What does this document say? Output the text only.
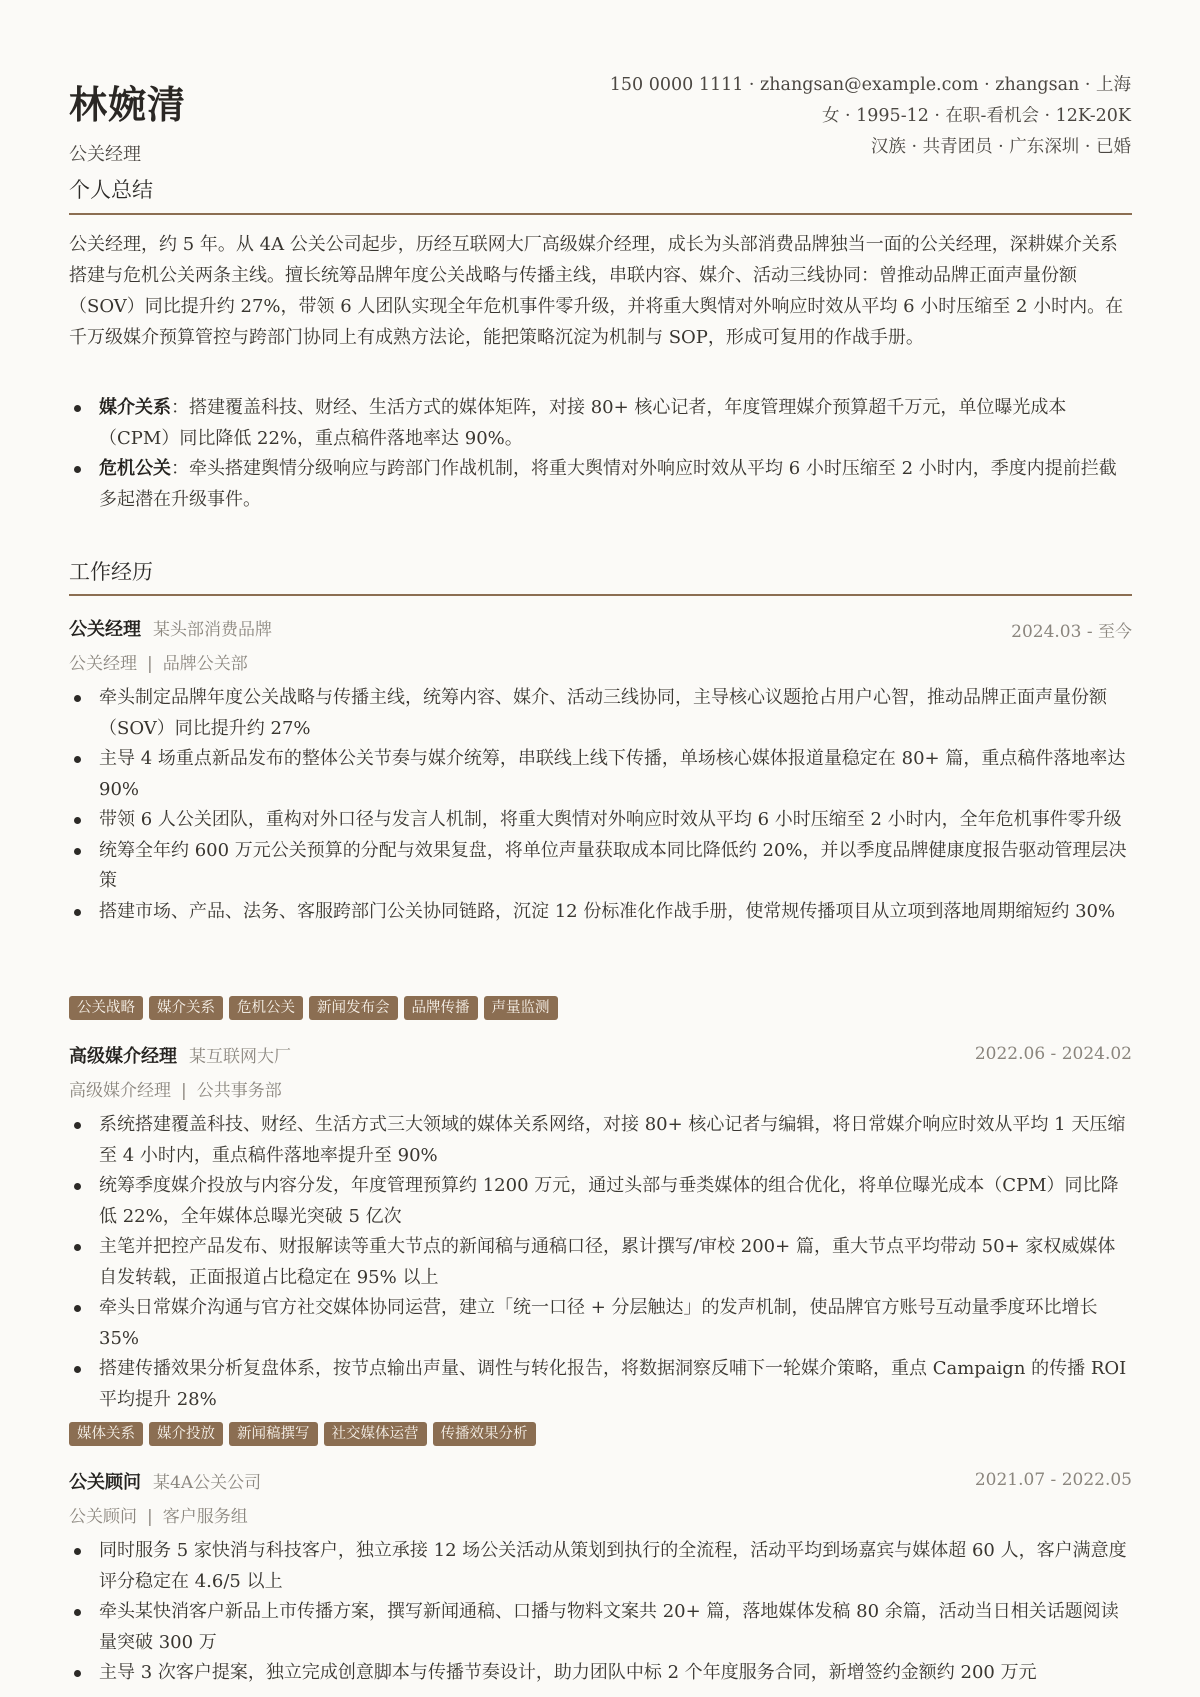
林婉清
公关经理
150 0000 1111 · zhangsan@example.com · zhangsan · 上海
女 · 1995-12 · 在职-看机会 · 12K-20K
汉族 · 共青团员 · 广东深圳 · 已婚
个人总结

公关经理，约 5 年。从 4A 公关公司起步，历经互联网大厂高级媒介经理，成长为头部消费品牌独当一面的公关经理，深耕媒介关系搭建与危机公关两条主线。擅长统筹品牌年度公关战略与传播主线，串联内容、媒介、活动三线协同：曾推动品牌正面声量份额（SOV）同比提升约 27%，带领 6 人团队实现全年危机事件零升级，并将重大舆情对外响应时效从平均 6 小时压缩至 2 小时内。在千万级媒介预算管控与跨部门协同上有成熟方法论，能把策略沉淀为机制与 SOP，形成可复用的作战手册。

媒介关系：搭建覆盖科技、财经、生活方式的媒体矩阵，对接 80+ 核心记者，年度管理媒介预算超千万元，单位曝光成本（CPM）同比降低 22%，重点稿件落地率达 90%。
危机公关：牵头搭建舆情分级响应与跨部门作战机制，将重大舆情对外响应时效从平均 6 小时压缩至 2 小时内，季度内提前拦截多起潜在升级事件。
工作经历
公关经理 某头部消费品牌	2024.03 - 至今
公关经理 | 品牌公关部
牵头制定品牌年度公关战略与传播主线，统筹内容、媒介、活动三线协同，主导核心议题抢占用户心智，推动品牌正面声量份额（SOV）同比提升约 27%
主导 4 场重点新品发布的整体公关节奏与媒介统筹，串联线上线下传播，单场核心媒体报道量稳定在 80+ 篇，重点稿件落地率达 90%
带领 6 人公关团队，重构对外口径与发言人机制，将重大舆情对外响应时效从平均 6 小时压缩至 2 小时内，全年危机事件零升级
统筹全年约 600 万元公关预算的分配与效果复盘，将单位声量获取成本同比降低约 20%，并以季度品牌健康度报告驱动管理层决策
搭建市场、产品、法务、客服跨部门公关协同链路，沉淀 12 份标准化作战手册，使常规传播项目从立项到落地周期缩短约 30%
公关战略 媒介关系 危机公关 新闻发布会 品牌传播 声量监测
高级媒介经理 某互联网大厂	2022.06 - 2024.02
高级媒介经理 | 公共事务部
系统搭建覆盖科技、财经、生活方式三大领域的媒体关系网络，对接 80+ 核心记者与编辑，将日常媒介响应时效从平均 1 天压缩至 4 小时内，重点稿件落地率提升至 90%
统筹季度媒介投放与内容分发，年度管理预算约 1200 万元，通过头部与垂类媒体的组合优化，将单位曝光成本（CPM）同比降低 22%，全年媒体总曝光突破 5 亿次
主笔并把控产品发布、财报解读等重大节点的新闻稿与通稿口径，累计撰写/审校 200+ 篇，重大节点平均带动 50+ 家权威媒体自发转载，正面报道占比稳定在 95% 以上
牵头日常媒介沟通与官方社交媒体协同运营，建立「统一口径 + 分层触达」的发声机制，使品牌官方账号互动量季度环比增长 35%
搭建传播效果分析复盘体系，按节点输出声量、调性与转化报告，将数据洞察反哺下一轮媒介策略，重点 Campaign 的传播 ROI 平均提升 28%
媒体关系 媒介投放 新闻稿撰写 社交媒体运营 传播效果分析
公关顾问 某4A公关公司	2021.07 - 2022.05
公关顾问 | 客户服务组
同时服务 5 家快消与科技客户，独立承接 12 场公关活动从策划到执行的全流程，活动平均到场嘉宾与媒体超 60 人，客户满意度评分稳定在 4.6/5 以上
牵头某快消客户新品上市传播方案，撰写新闻通稿、口播与物料文案共 20+ 篇，落地媒体发稿 80 余篇，活动当日相关话题阅读量突破 300 万
主导 3 次客户提案，独立完成创意脚本与传播节奏设计，助力团队中标 2 个年度服务合同，新增签约金额约 200 万元
